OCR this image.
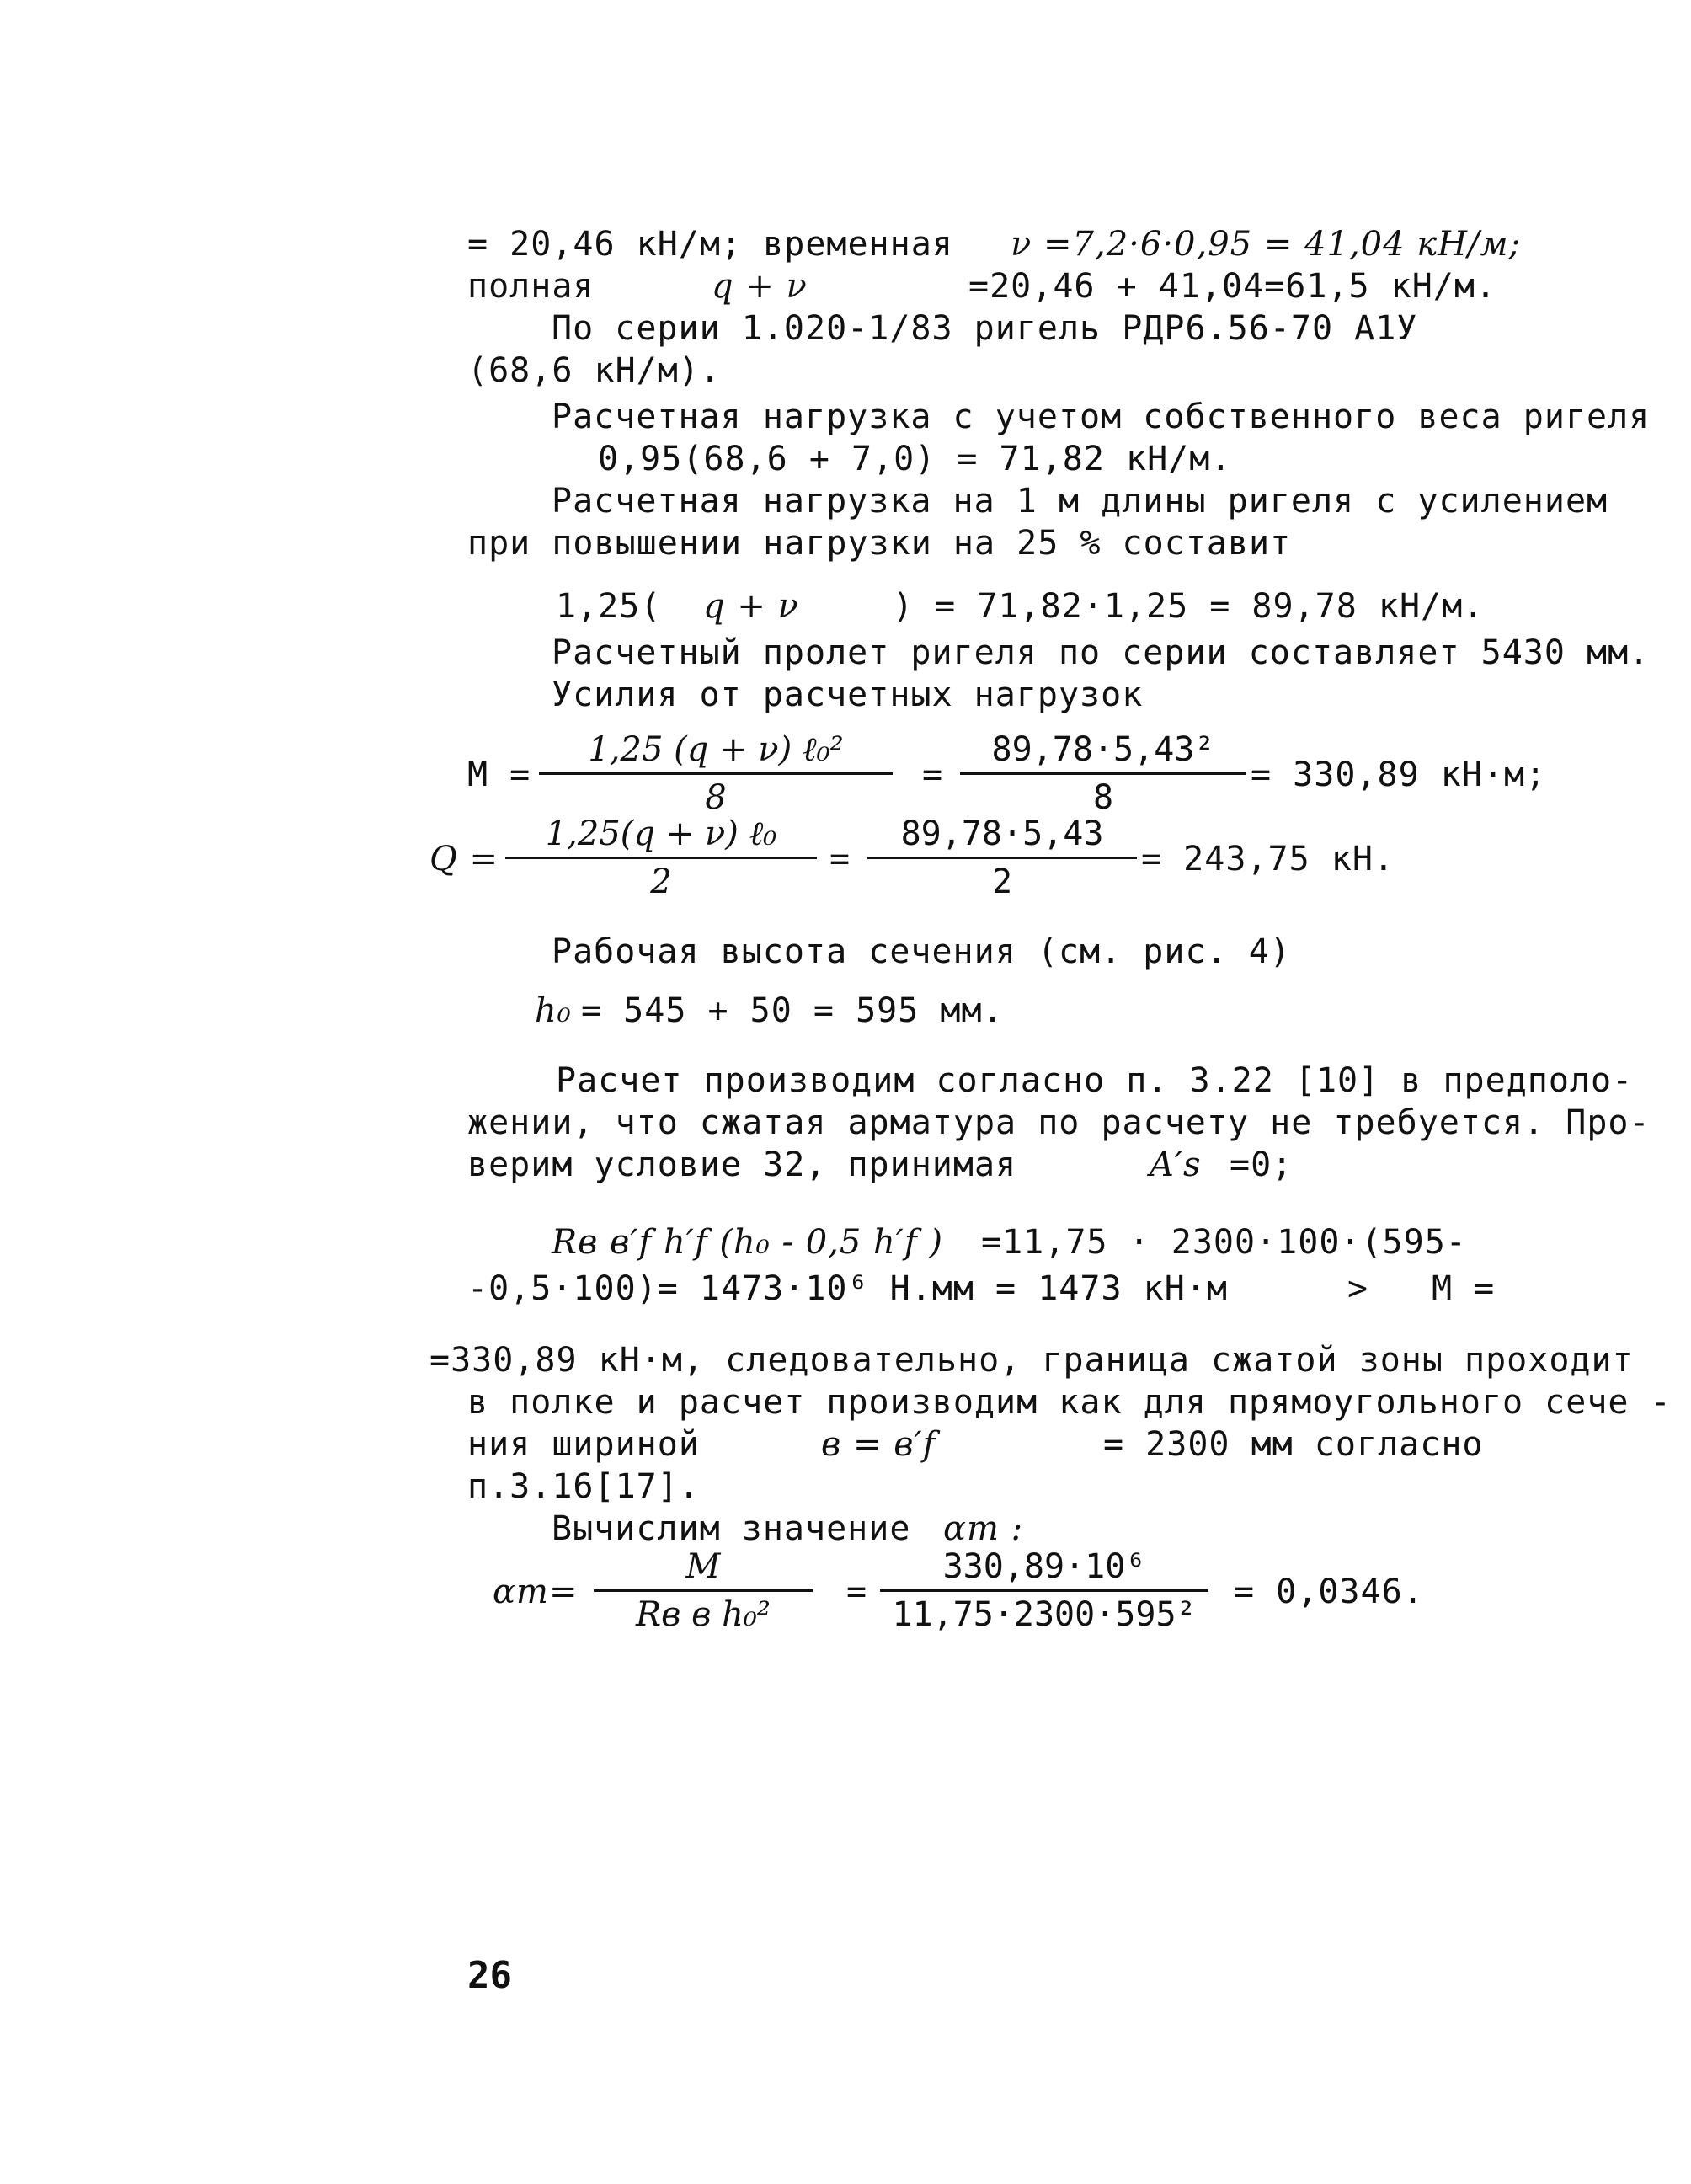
= 20,46 кН/м; временная ν =7,2·6·0,95 = 41,04 кН/м;
полная	q + ν	=20,46 + 41,04=61,5 кН/м.
По серии 1.020-1/83 ригель РДР6.56-70 А1У
(68,6 кН/м).
Расчетная нагрузка с учетом собственного веса ригеля
0,95(68,6 + 7,0) = 71,82 кН/м.
Расчетная нагрузка на 1 м длины ригеля с усилением
при повышении нагрузки на 25 % составит
1,25( q + ν	) = 71,82·1,25 = 89,78 кН/м.
Расчетный пролет ригеля по серии составляет 5430 мм.
Усилия от расчетных нагрузок
M =
1,25 (q + ν) ℓ₀²
8
=
89,78·5,43²
8
= 330,89 кН·м;
Q =
1,25(q + ν) ℓ₀
2
=
89,78·5,43
2
= 243,75 кН.
Рабочая высота сечения (см. рис. 4)
h₀ = 545 + 50 = 595 мм.
Расчет производим согласно п. 3.22 [10] в предполо-
жении, что сжатая арматура по расчету не требуется. Про-
верим условие 32, принимая	A′s =0;
Rв в′f h′f (h₀ - 0,5 h′f ) =11,75 · 2300·100·(595-
-0,5·100)= 1473·10⁶ Н.мм = 1473 кН·м	> M =
=330,89 кН·м, следовательно, граница сжатой зоны проходит
в полке и расчет производим как для прямоугольного сече -
ния шириной	в = в′f	= 2300 мм согласно
п.3.16[17].
Вычислим значение αm :
αm=
M
Rв в h₀²
=
330,89·10⁶
11,75·2300·595²
= 0,0346.
26
